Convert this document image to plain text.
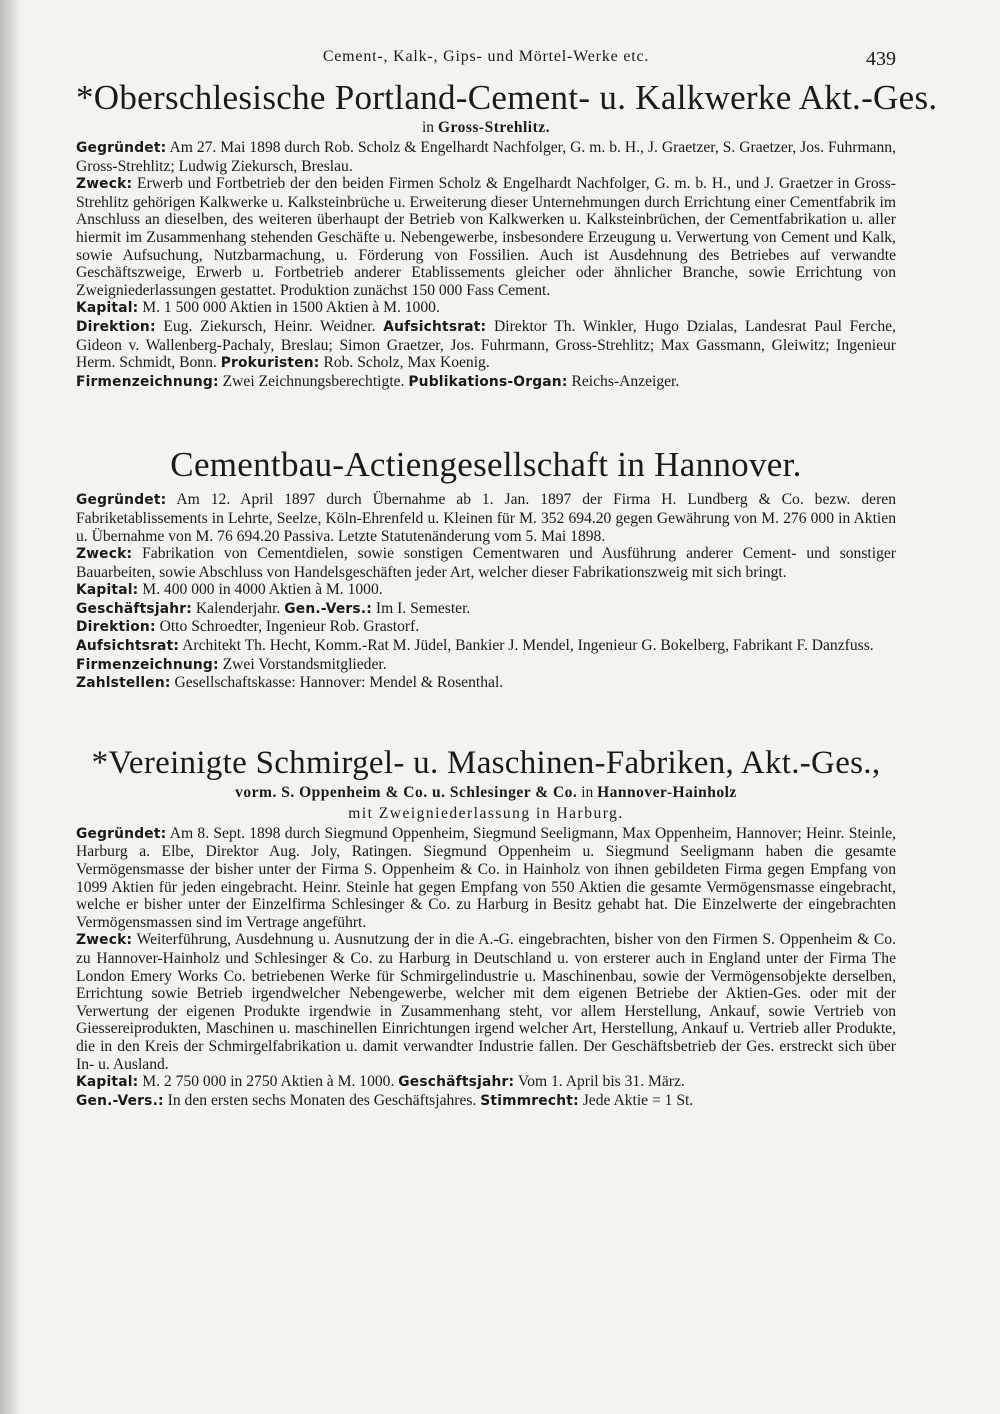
Cement-, Kalk-, Gips- und Mörtel-Werke etc.	439
*Oberschlesische Portland-Cement- u. Kalkwerke Akt.-Ges.
in Gross-Strehlitz.

Gegründet: Am 27. Mai 1898 durch Rob. Scholz & Engelhardt Nachfolger, G. m. b. H., J. Graetzer, S. Graetzer, Jos. Fuhrmann, Gross-Strehlitz; Ludwig Ziekursch, Breslau.

Zweck: Erwerb und Fortbetrieb der den beiden Firmen Scholz & Engelhardt Nachfolger, G. m. b. H., und J. Graetzer in Gross-Strehlitz gehörigen Kalkwerke u. Kalksteinbrüche u. Erweiterung dieser Unternehmungen durch Errichtung einer Cementfabrik im Anschluss an dieselben, des weiteren überhaupt der Betrieb von Kalkwerken u. Kalksteinbrüchen, der Cementfabrikation u. aller hiermit im Zusammenhang stehenden Geschäfte u. Nebengewerbe, insbesondere Erzeugung u. Verwertung von Cement und Kalk, sowie Aufsuchung, Nutzbarmachung, u. Förderung von Fossilien. Auch ist Ausdehnung des Betriebes auf verwandte Geschäftszweige, Erwerb u. Fortbetrieb anderer Etablissements gleicher oder ähnlicher Branche, sowie Errichtung von Zweigniederlassungen gestattet. Produktion zunächst 150 000 Fass Cement.

Kapital: M. 1 500 000 Aktien in 1500 Aktien à M. 1000.

Direktion: Eug. Ziekursch, Heinr. Weidner. Aufsichtsrat: Direktor Th. Winkler, Hugo Dzialas, Landesrat Paul Ferche, Gideon v. Wallenberg-Pachaly, Breslau; Simon Graetzer, Jos. Fuhrmann, Gross-Strehlitz; Max Gassmann, Gleiwitz; Ingenieur Herm. Schmidt, Bonn. Prokuristen: Rob. Scholz, Max Koenig.

Firmenzeichnung: Zwei Zeichnungsberechtigte. Publikations-Organ: Reichs-Anzeiger.

Cementbau-Actiengesellschaft in Hannover.

Gegründet: Am 12. April 1897 durch Übernahme ab 1. Jan. 1897 der Firma H. Lundberg & Co. bezw. deren Fabriketablissements in Lehrte, Seelze, Köln-Ehrenfeld u. Kleinen für M. 352 694.20 gegen Gewährung von M. 276 000 in Aktien u. Übernahme von M. 76 694.20 Passiva. Letzte Statutenänderung vom 5. Mai 1898.

Zweck: Fabrikation von Cementdielen, sowie sonstigen Cementwaren und Ausführung anderer Cement- und sonstiger Bauarbeiten, sowie Abschluss von Handelsgeschäften jeder Art, welcher dieser Fabrikationszweig mit sich bringt.

Kapital: M. 400 000 in 4000 Aktien à M. 1000.

Geschäftsjahr: Kalenderjahr. Gen.-Vers.: Im I. Semester.

Direktion: Otto Schroedter, Ingenieur Rob. Grastorf.

Aufsichtsrat: Architekt Th. Hecht, Komm.-Rat M. Jüdel, Bankier J. Mendel, Ingenieur G. Bokelberg, Fabrikant F. Danzfuss.

Firmenzeichnung: Zwei Vorstandsmitglieder.

Zahlstellen: Gesellschaftskasse: Hannover: Mendel & Rosenthal.

*Vereinigte Schmirgel- u. Maschinen-Fabriken, Akt.-Ges.,
vorm. S. Oppenheim & Co. u. Schlesinger & Co. in Hannover-Hainholz
mit Zweigniederlassung in Harburg.

Gegründet: Am 8. Sept. 1898 durch Siegmund Oppenheim, Siegmund Seeligmann, Max Oppenheim, Hannover; Heinr. Steinle, Harburg a. Elbe, Direktor Aug. Joly, Ratingen. Siegmund Oppenheim u. Siegmund Seeligmann haben die gesamte Vermögensmasse der bisher unter der Firma S. Oppenheim & Co. in Hainholz von ihnen gebildeten Firma gegen Empfang von 1099 Aktien für jeden eingebracht. Heinr. Steinle hat gegen Empfang von 550 Aktien die gesamte Vermögensmasse eingebracht, welche er bisher unter der Einzelfirma Schlesinger & Co. zu Harburg in Besitz gehabt hat. Die Einzelwerte der eingebrachten Vermögensmassen sind im Vertrage angeführt.

Zweck: Weiterführung, Ausdehnung u. Ausnutzung der in die A.-G. eingebrachten, bisher von den Firmen S. Oppenheim & Co. zu Hannover-Hainholz und Schlesinger & Co. zu Harburg in Deutschland u. von ersterer auch in England unter der Firma The London Emery Works Co. betriebenen Werke für Schmirgelindustrie u. Maschinenbau, sowie der Vermögensobjekte derselben, Errichtung sowie Betrieb irgendwelcher Nebengewerbe, welcher mit dem eigenen Betriebe der Aktien-Ges. oder mit der Verwertung der eigenen Produkte irgendwie in Zusammenhang steht, vor allem Herstellung, Ankauf, sowie Vertrieb von Giessereiprodukten, Maschinen u. maschinellen Einrichtungen irgend welcher Art, Herstellung, Ankauf u. Vertrieb aller Produkte, die in den Kreis der Schmirgelfabrikation u. damit verwandter Industrie fallen. Der Geschäftsbetrieb der Ges. erstreckt sich über In- u. Ausland.

Kapital: M. 2 750 000 in 2750 Aktien à M. 1000. Geschäftsjahr: Vom 1. April bis 31. März.

Gen.-Vers.: In den ersten sechs Monaten des Geschäftsjahres. Stimmrecht: Jede Aktie = 1 St.
